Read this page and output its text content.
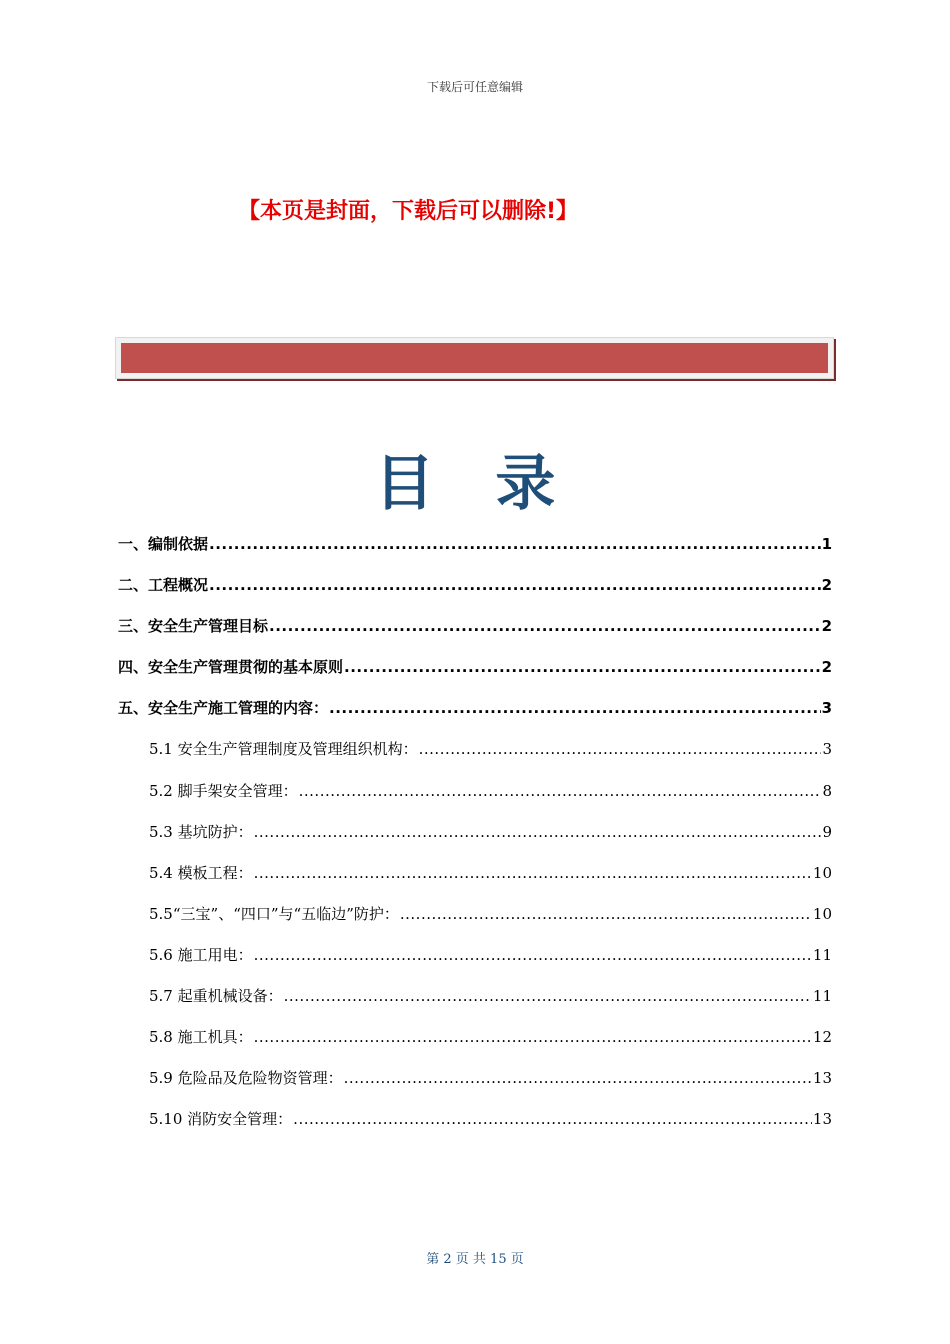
下载后可任意编辑
【本页是封面，下载后可以删除!】
目 录
一、编制依据 .....	1
二、工程概况 .....	2
三、安全生产管理目标 .....	2
四、安全生产管理贯彻的基本原则 .....	2
五、安全生产施工管理的内容： .....	3
5.1 安全生产管理制度及管理组织机构： .....	3
5.2 脚手架安全管理： .....	8
5.3 基坑防护： .....	9
5.4 模板工程： .....	10
5.5“三宝”、“四口”与“五临边”防护： .....	10
5.6 施工用电： .....	11
5.7 起重机械设备： .....	11
5.8 施工机具： .....	12
5.9 危险品及危险物资管理： .....	13
5.10 消防安全管理： .....	13
第 2 页 共 15 页
